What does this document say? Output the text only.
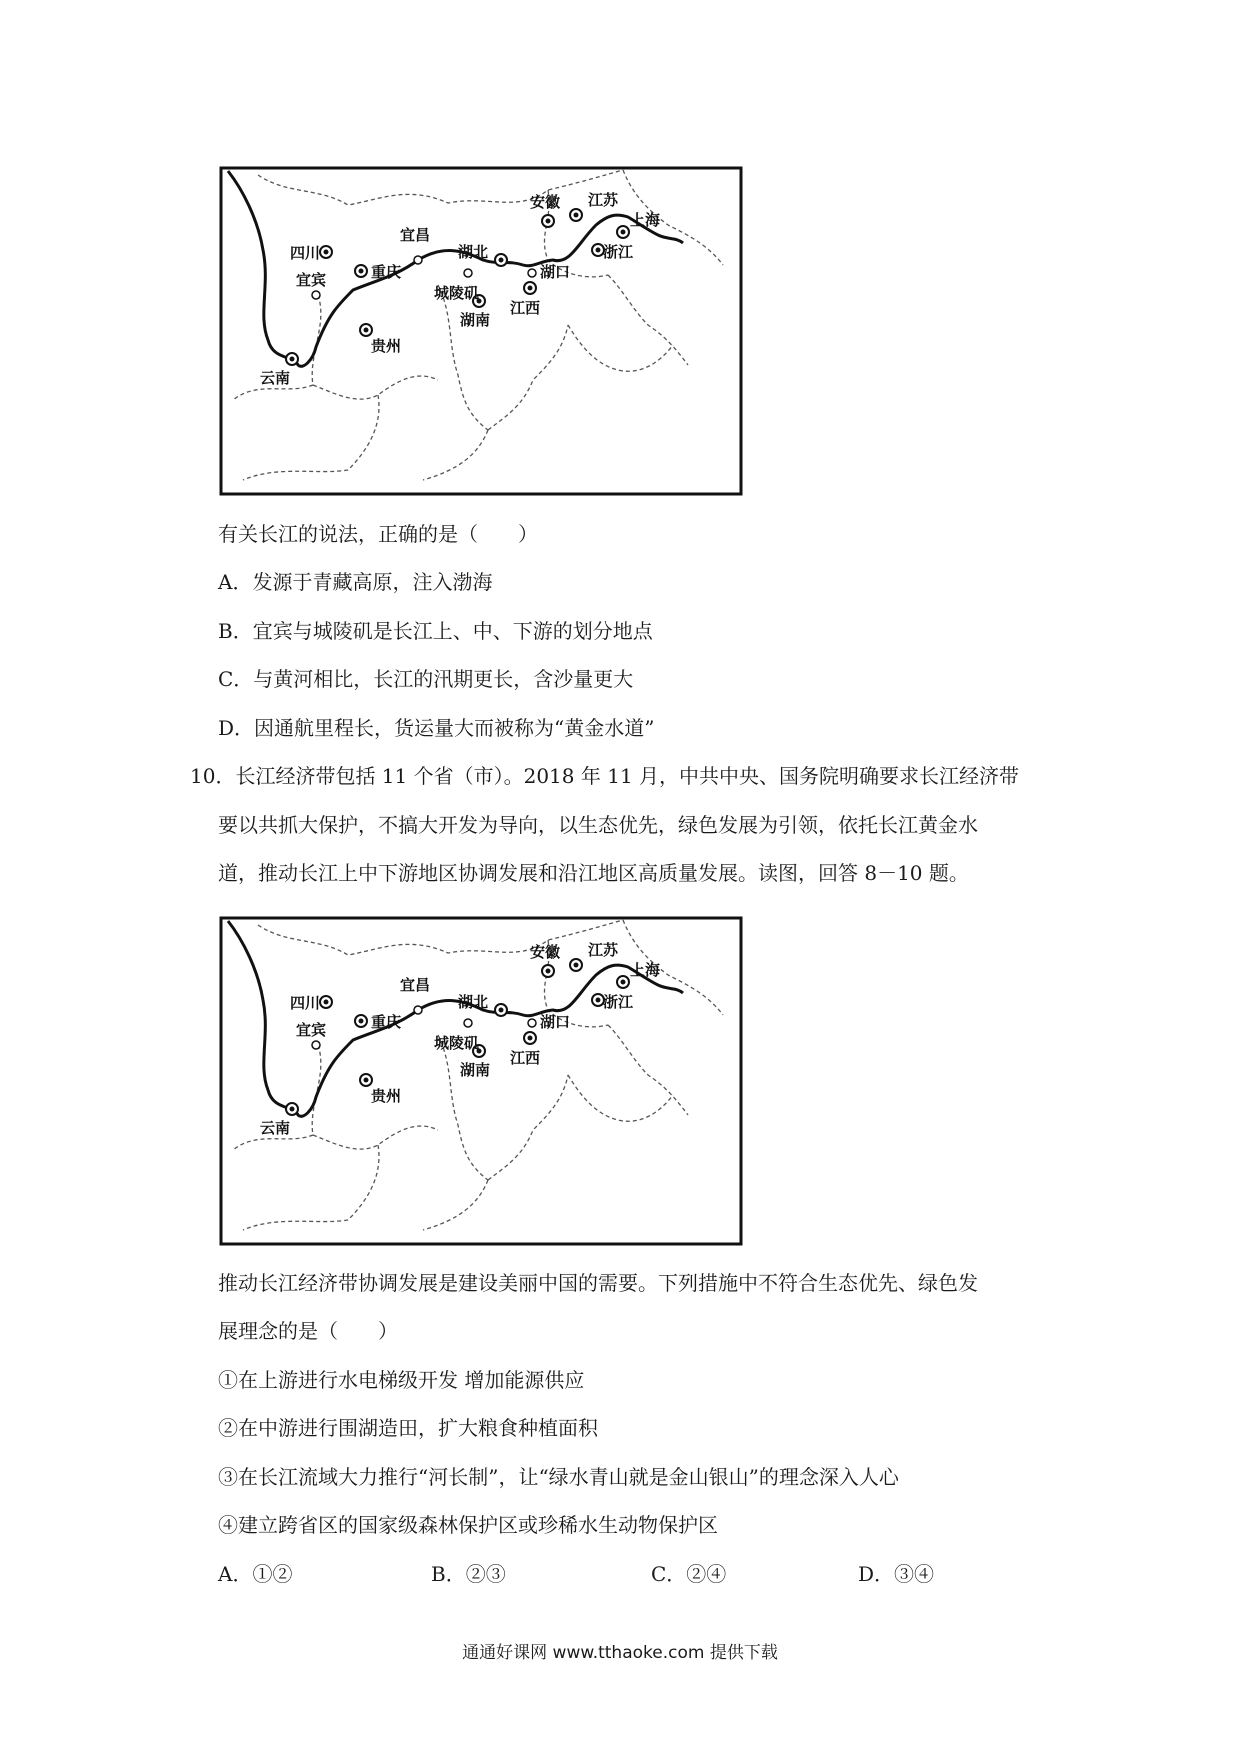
四川
宜宾	重庆
贵州
云南
宜昌
湖北
城陵矶
湖南
湖口
江西
安徽 江苏
上海
浙江
有关长江的说法，正确的是（　　）
A．发源于青藏高原，注入渤海
B．宜宾与城陵矶是长江上、中、下游的划分地点
C．与黄河相比，长江的汛期更长，含沙量更大
D．因通航里程长，货运量大而被称为“黄金水道”
10．长江经济带包括 11 个省（市）。2018 年 11 月，中共中央、国务院明确要求长江经济带
要以共抓大保护，不搞大开发为导向，以生态优先，绿色发展为引领，依托长江黄金水
道，推动长江上中下游地区协调发展和沿江地区高质量发展。读图，回答 8－10 题。
四川
宜宾	重庆
贵州
云南
宜昌
湖北
城陵矶
湖南
湖口
江西
安徽 江苏
上海
浙江
推动长江经济带协调发展是建设美丽中国的需要。下列措施中不符合生态优先、绿色发
展理念的是（　　）
①在上游进行水电梯级开发 增加能源供应
②在中游进行围湖造田，扩大粮食种植面积
③在长江流域大力推行“河长制”，让“绿水青山就是金山银山”的理念深入人心
④建立跨省区的国家级森林保护区或珍稀水生动物保护区
A．①②	B．②③	C．②④	D．③④
通通好课网 www.tthaoke.com 提供下载
